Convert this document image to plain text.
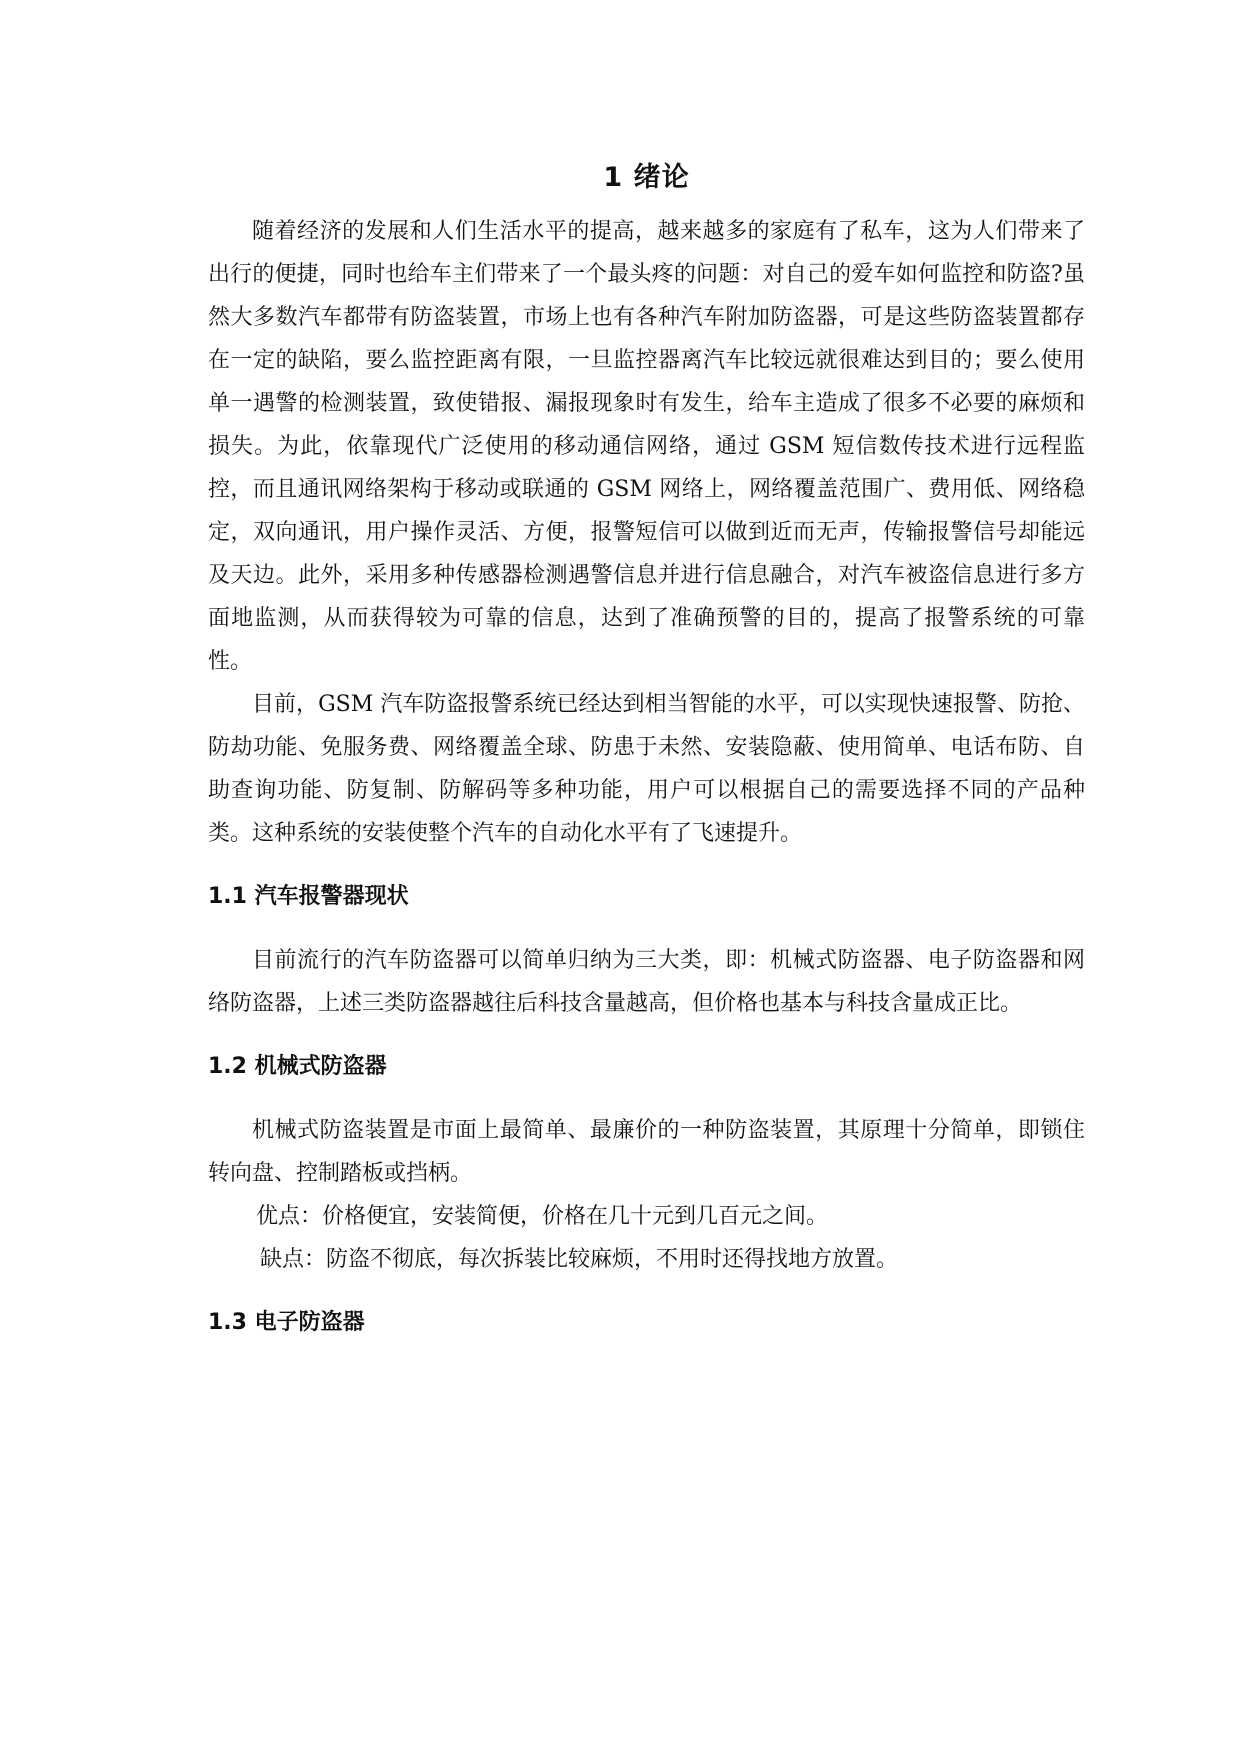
1 绪论

随着经济的发展和人们生活水平的提高，越来越多的家庭有了私车，这为人们带来了出行的便捷，同时也给车主们带来了一个最头疼的问题：对自己的爱车如何监控和防盗?虽然大多数汽车都带有防盗装置，市场上也有各种汽车附加防盗器，可是这些防盗装置都存在一定的缺陷，要么监控距离有限，一旦监控器离汽车比较远就很难达到目的；要么使用单一遇警的检测装置，致使错报、漏报现象时有发生，给车主造成了很多不必要的麻烦和损失。为此，依靠现代广泛使用的移动通信网络，通过 GSM 短信数传技术进行远程监控，而且通讯网络架构于移动或联通的 GSM 网络上，网络覆盖范围广、费用低、网络稳定，双向通讯，用户操作灵活、方便，报警短信可以做到近而无声，传输报警信号却能远及天边。此外，采用多种传感器检测遇警信息并进行信息融合，对汽车被盗信息进行多方面地监测，从而获得较为可靠的信息，达到了准确预警的目的，提高了报警系统的可靠性。

目前，GSM 汽车防盗报警系统已经达到相当智能的水平，可以实现快速报警、防抢、防劫功能、免服务费、网络覆盖全球、防患于未然、安装隐蔽、使用简单、电话布防、自助查询功能、防复制、防解码等多种功能，用户可以根据自己的需要选择不同的产品种类。这种系统的安装使整个汽车的自动化水平有了飞速提升。

1.1 汽车报警器现状

目前流行的汽车防盗器可以简单归纳为三大类，即：机械式防盗器、电子防盗器和网络防盗器，上述三类防盗器越往后科技含量越高，但价格也基本与科技含量成正比。

1.2 机械式防盗器

机械式防盗装置是市面上最简单、最廉价的一种防盗装置，其原理十分简单，即锁住转向盘、控制踏板或挡柄。

优点：价格便宜，安装简便，价格在几十元到几百元之间。

缺点：防盗不彻底，每次拆装比较麻烦，不用时还得找地方放置。

1.3 电子防盗器
